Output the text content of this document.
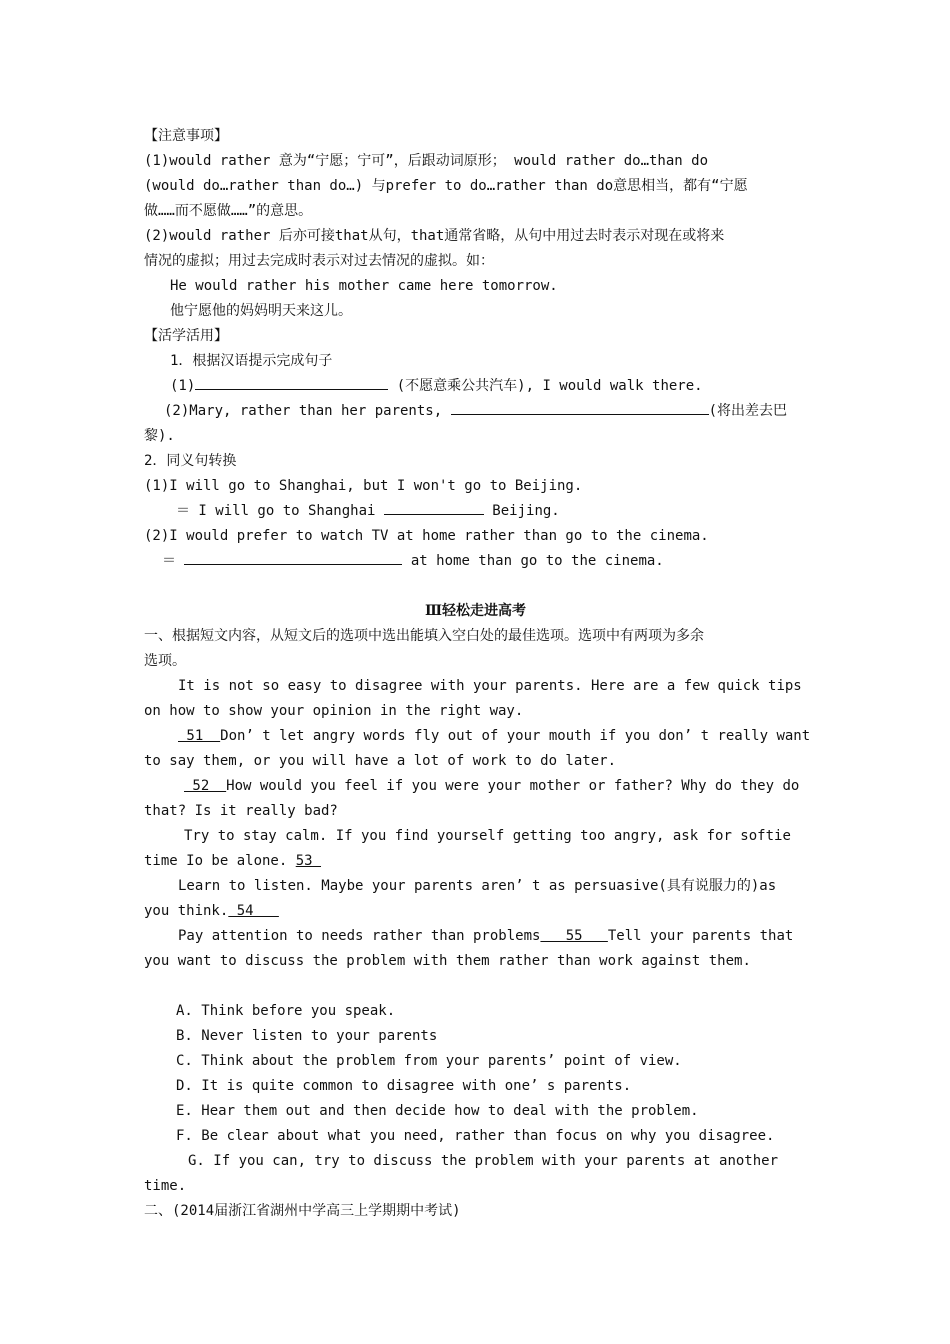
【注意事项】
(1)would rather 意为“宁愿；宁可”，后跟动词原形； would rather do…than do
(would do…rather than do…) 与prefer to do…rather than do意思相当，都有“宁愿
做……而不愿做……”的意思。
(2)would rather 后亦可接that从句，that通常省略，从句中用过去时表示对现在或将来
情况的虚拟；用过去完成时表示对过去情况的虚拟。如：
He would rather his mother came here tomorrow.
他宁愿他的妈妈明天来这儿。
【活学活用】
1．根据汉语提示完成句子
(1)	(不愿意乘公共汽车), I would walk there.
(2)Mary, rather than her parents,	(将出差去巴
黎).
2．同义句转换
(1)I will go to Shanghai, but I won't go to Beijing.
＝ I will go to Shanghai	Beijing.
(2)I would prefer to watch TV at home rather than go to the cinema.
＝	at home than go to the cinema.
Ⅲ轻松走进高考
一、根据短文内容，从短文后的选项中选出能填入空白处的最佳选项。选项中有两项为多余
选项。
It is not so easy to disagree with your parents. Here are a few quick tips
on how to show your opinion in the right way.
51  Don’ t let angry words fly out of your mouth if you don’ t really want
to say them, or you will have a lot of work to do later.
52  How would you feel if you were your mother or father? Why do they do
that? Is it really bad?
Try to stay calm. If you find yourself getting too angry, ask for softie
time Io be alone. 53
Learn to listen. Maybe your parents aren’ t as persuasive(具有说服力的)as
you think. 54
Pay attention to needs rather than problems   55   Tell your parents that
you want to discuss the problem with them rather than work against them.
A. Think before you speak.
B. Never listen to your parents
C. Think about the problem from your parents’ point of view.
D. It is quite common to disagree with one’ s parents.
E. Hear them out and then decide how to deal with the problem.
F. Be clear about what you need, rather than focus on why you disagree.
G. If you can, try to discuss the problem with your parents at another
time.
二、(2014届浙江省湖州中学高三上学期期中考试)
